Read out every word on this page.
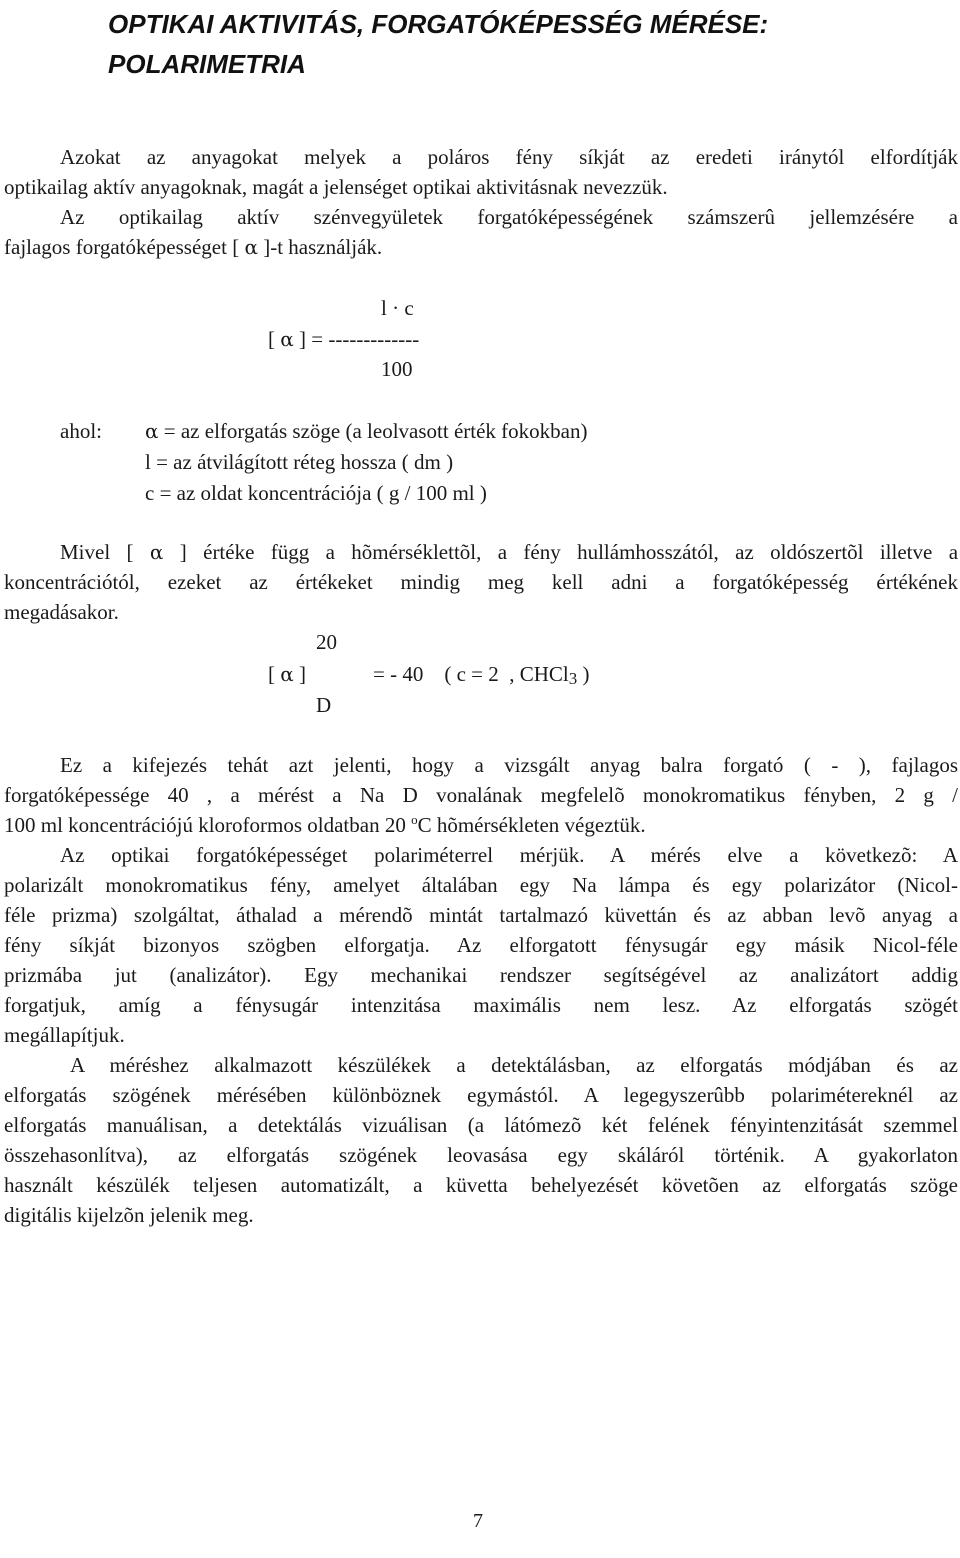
OPTIKAI AKTIVITÁS, FORGATÓKÉPESSÉG MÉRÉSE:
POLARIMETRIA
Azokat az anyagokat melyek a poláros fény síkját az eredeti iránytól elfordítják
optikailag aktív anyagoknak, magát a jelenséget optikai aktivitásnak nevezzük.
Az optikailag aktív szénvegyületek forgatóképességének számszerû jellemzésére a
fajlagos forgatóképességet [ α ]-t használják.
l · c
[ α ] = -------------
100
ahol: α = az elforgatás szöge (a leolvasott érték fokokban)
l = az átvilágított réteg hossza ( dm )
c = az oldat koncentrációja ( g / 100 ml )
Mivel [ α ] értéke függ a hõmérséklettõl, a fény hullámhosszától, az oldószertõl illetve a
koncentrációtól, ezeket az értékeket mindig meg kell adni a forgatóképesség értékének
megadásakor.
20
[ α ]	= - 40    ( c = 2  , CHCl3 )
D
Ez a kifejezés tehát azt jelenti, hogy a vizsgált anyag balra forgató ( - ), fajlagos
forgatóképessége 40 , a mérést a Na D vonalának megfelelõ monokromatikus fényben, 2 g /
100 ml koncentrációjú kloroformos oldatban 20 $^o$C hõmérsékleten végeztük.
Az optikai forgatóképességet polariméterrel mérjük. A mérés elve a következõ: A
polarizált monokromatikus fény, amelyet általában egy Na lámpa és egy polarizátor (Nicol-
féle prizma) szolgáltat, áthalad a mérendõ mintát tartalmazó küvettán és az abban levõ anyag a
fény síkját bizonyos szögben elforgatja. Az elforgatott fénysugár egy másik Nicol-féle
prizmába jut (analizátor). Egy mechanikai rendszer segítségével az analizátort addig
forgatjuk, amíg a fénysugár intenzitása maximális nem lesz. Az elforgatás szögét
megállapítjuk.
A méréshez alkalmazott készülékek a detektálásban, az elforgatás módjában és az
elforgatás szögének mérésében különböznek egymástól. A legegyszerûbb polarimétereknél az
elforgatás manuálisan, a detektálás vizuálisan (a látómezõ két felének fényintenzitását szemmel
összehasonlítva), az elforgatás szögének leovasása egy skáláról történik. A gyakorlaton
használt készülék teljesen automatizált, a küvetta behelyezését követõen az elforgatás szöge
digitális kijelzõn jelenik meg.
7
